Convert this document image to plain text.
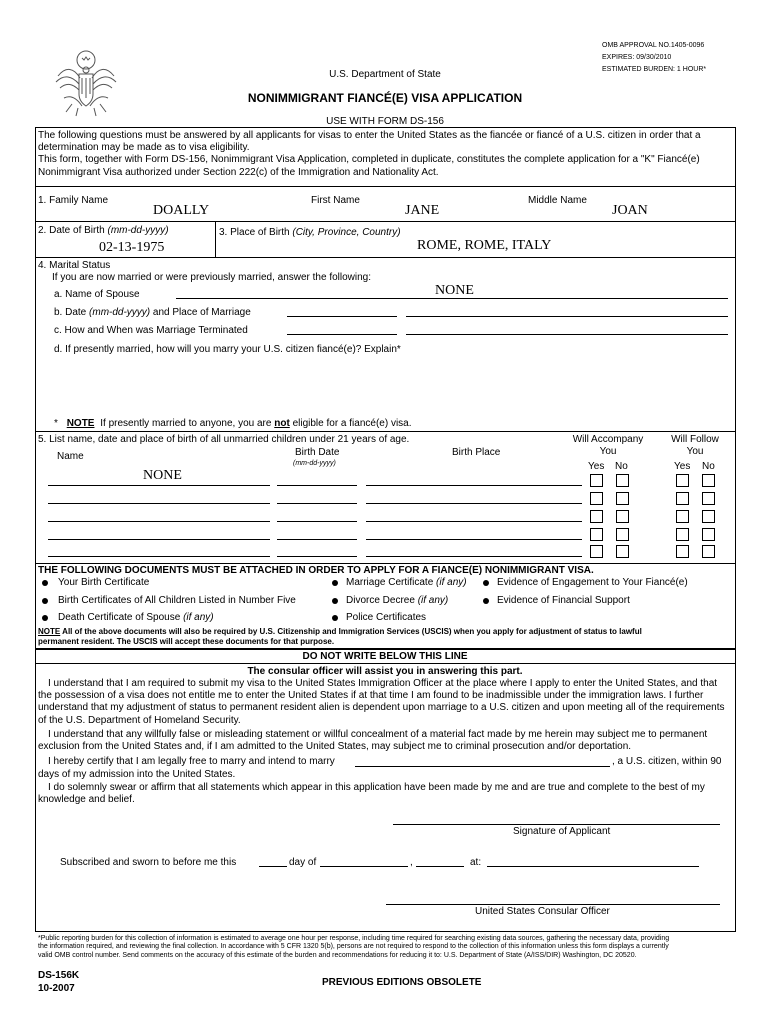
OMB APPROVAL NO.1405-0096
EXPIRES: 09/30/2010
ESTIMATED BURDEN: 1 HOUR*
U.S. Department of State
NONIMMIGRANT FIANCÉ(E) VISA APPLICATION
USE WITH FORM DS-156
The following questions must be answered by all applicants for visas to enter the United States as the fiancée or fiancé of a U.S. citizen in order that a
determination may be made as to visa eligibility.
This form, together with Form DS-156, Nonimmigrant Visa Application, completed in duplicate, constitutes the complete application for a "K" Fiancé(e)
Nonimmigrant Visa authorized under Section 222(c) of the Immigration and Nationality Act.
1. Family Name
DOALLY
First Name
JANE
Middle Name
JOAN
2. Date of Birth (mm-dd-yyyy)
02-13-1975
3. Place of Birth (City, Province, Country)
ROME, ROME, ITALY
4. Marital Status
If you are now married or were previously married, answer the following:
a. Name of Spouse	NONE
b. Date (mm-dd-yyyy) and Place of Marriage
c. How and When was Marriage Terminated
d. If presently married, how will you marry your U.S. citizen fiancé(e)? Explain*
* NOTE If presently married to anyone, you are not eligible for a fiancé(e) visa.
5. List name, date and place of birth of all unmarried children under 21 years of age.
Name	Birth Date
(mm-dd-yyyy)
Birth Place
Will Accompany
You
Will Follow
You
Yes No	Yes No
NONE
THE FOLLOWING DOCUMENTS MUST BE ATTACHED IN ORDER TO APPLY FOR A FIANCE(E) NONIMMIGRANT VISA.
Your Birth Certificate	Marriage Certificate (if any)	Evidence of Engagement to Your Fiancé(e)
Birth Certificates of All Children Listed in Number Five	Divorce Decree (if any)	Evidence of Financial Support
Death Certificate of Spouse (if any)	Police Certificates
NOTE All of the above documents will also be required by U.S. Citizenship and Immigration Services (USCIS) when you apply for adjustment of status to lawful
permanent resident. The USCIS will accept these documents for that purpose.
DO NOT WRITE BELOW THIS LINE
The consular officer will assist you in answering this part.
I understand that I am required to submit my visa to the United States Immigration Officer at the place where I apply to enter the United States, and that
the possession of a visa does not entitle me to enter the United States if at that time I am found to be inadmissible under the immigration laws. I further
understand that my adjustment of status to permanent resident alien is dependent upon marriage to a U.S. citizen and upon meeting all of the requirements
of the U.S. Department of Homeland Security.
I understand that any willfully false or misleading statement or willful concealment of a material fact made by me herein may subject me to permanent
exclusion from the United States and, if I am admitted to the United States, may subject me to criminal prosecution and/or deportation.
I hereby certify that I am legally free to marry and intend to marry	, a U.S. citizen, within 90
days of my admission into the United States.
I do solemnly swear or affirm that all statements which appear in this application have been made by me and are true and complete to the best of my
knowledge and belief.
Signature of Applicant
Subscribed and sworn to before me this	day of	,	at:
United States Consular Officer
*Public reporting burden for this collection of information is estimated to average one hour per response, including time required for searching existing data sources, gathering the necessary data, providing
the information required, and reviewing the final collection. In accordance with 5 CFR 1320 5(b), persons are not required to respond to the collection of this information unless this form displays a currently
valid OMB control number. Send comments on the accuracy of this estimate of the burden and recommendations for reducing it to: U.S. Department of State (A/ISS/DIR) Washington, DC 20520.
DS-156K
10-2007
PREVIOUS EDITIONS OBSOLETE
